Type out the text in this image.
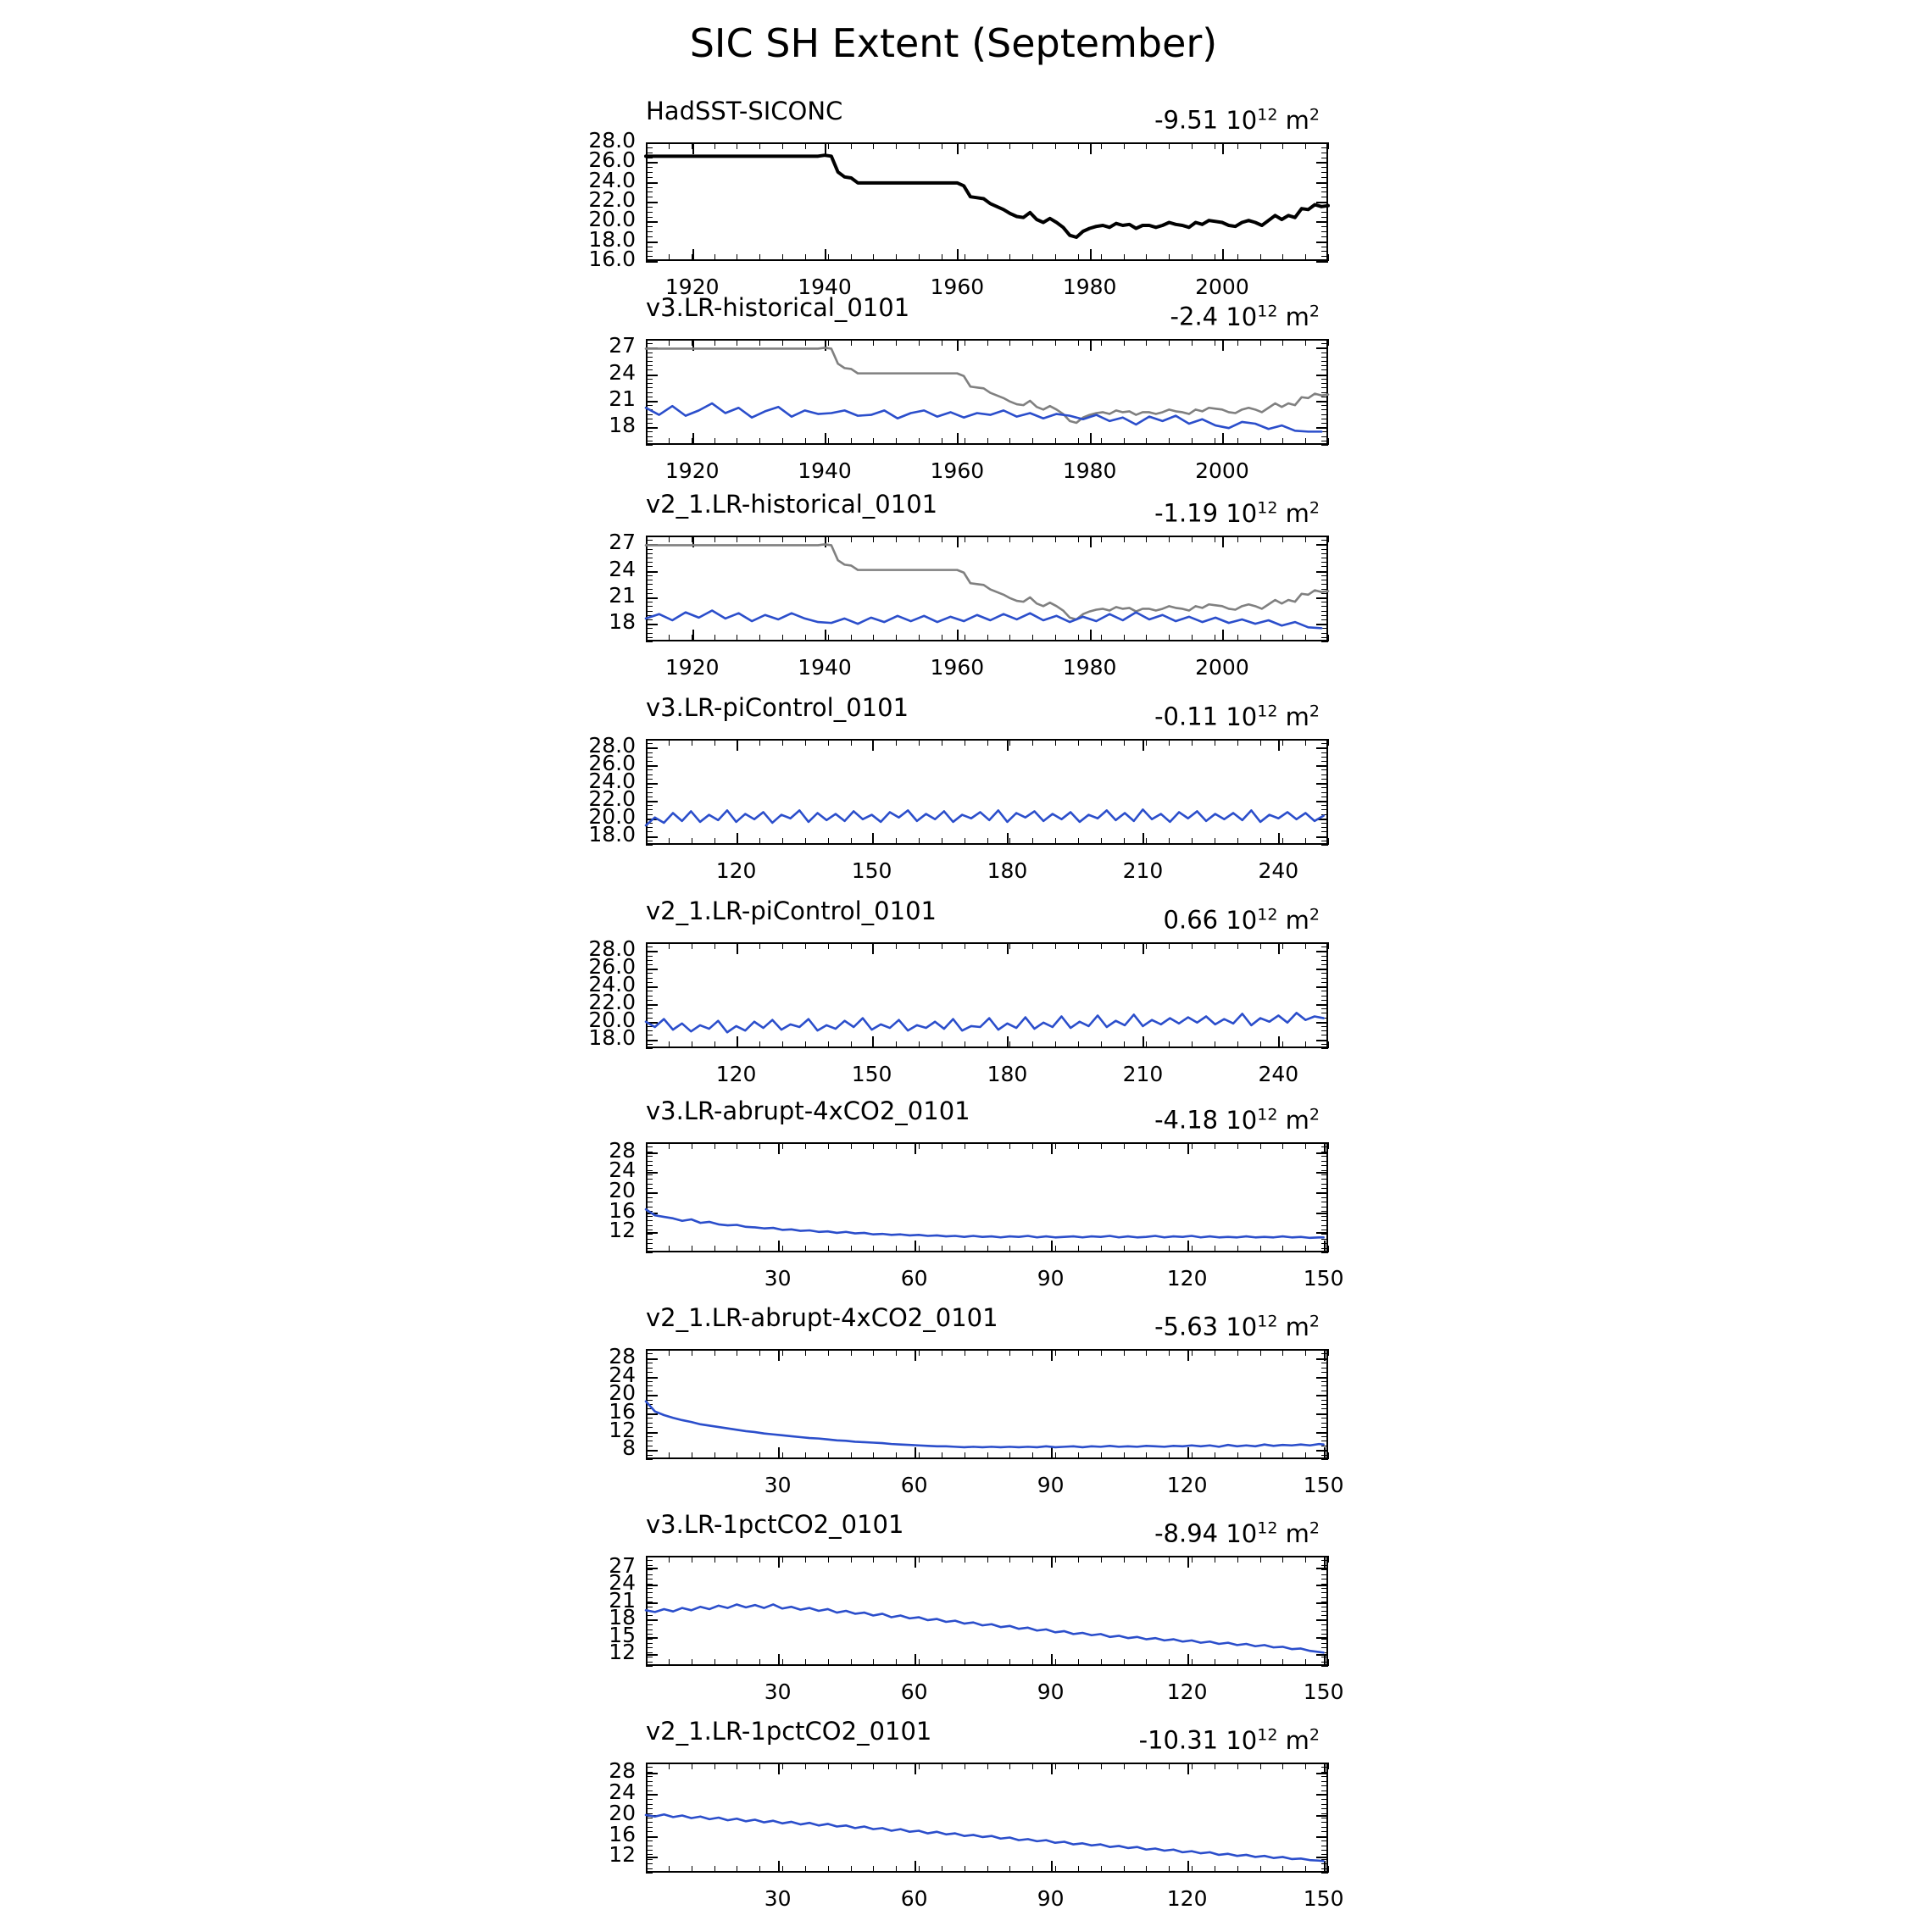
SIC SH Extent (September)
HadSST-SICONC	-9.51 $10^{12}$ $m^2$
16.0
18.0
20.0
22.0
24.0
26.0
28.0
1920	1940	1960	1980	2000
v3.LR-historical_0101	-2.4 $10^{12}$ $m^2$
18
21
24
27
1920	1940	1960	1980	2000
v2_1.LR-historical_0101	-1.19 $10^{12}$ $m^2$
18
21
24
27
1920	1940	1960	1980	2000
v3.LR-piControl_0101	-0.11 $10^{12}$ $m^2$
18.0
20.0
22.0
24.0
26.0
28.0
120	150	180	210	240
v2_1.LR-piControl_0101	0.66 $10^{12}$ $m^2$
18.0
20.0
22.0
24.0
26.0
28.0
120	150	180	210	240
v3.LR-abrupt-4xCO2_0101	-4.18 $10^{12}$ $m^2$
12
16
20
24
28
30	60	90	120	150
v2_1.LR-abrupt-4xCO2_0101	-5.63 $10^{12}$ $m^2$
8
12
16
20
24
28
30	60	90	120	150
v3.LR-1pctCO2_0101	-8.94 $10^{12}$ $m^2$
12
15
18
21
24
27
30	60	90	120	150
v2_1.LR-1pctCO2_0101	-10.31 $10^{12}$ $m^2$
12
16
20
24
28
30	60	90	120	150
